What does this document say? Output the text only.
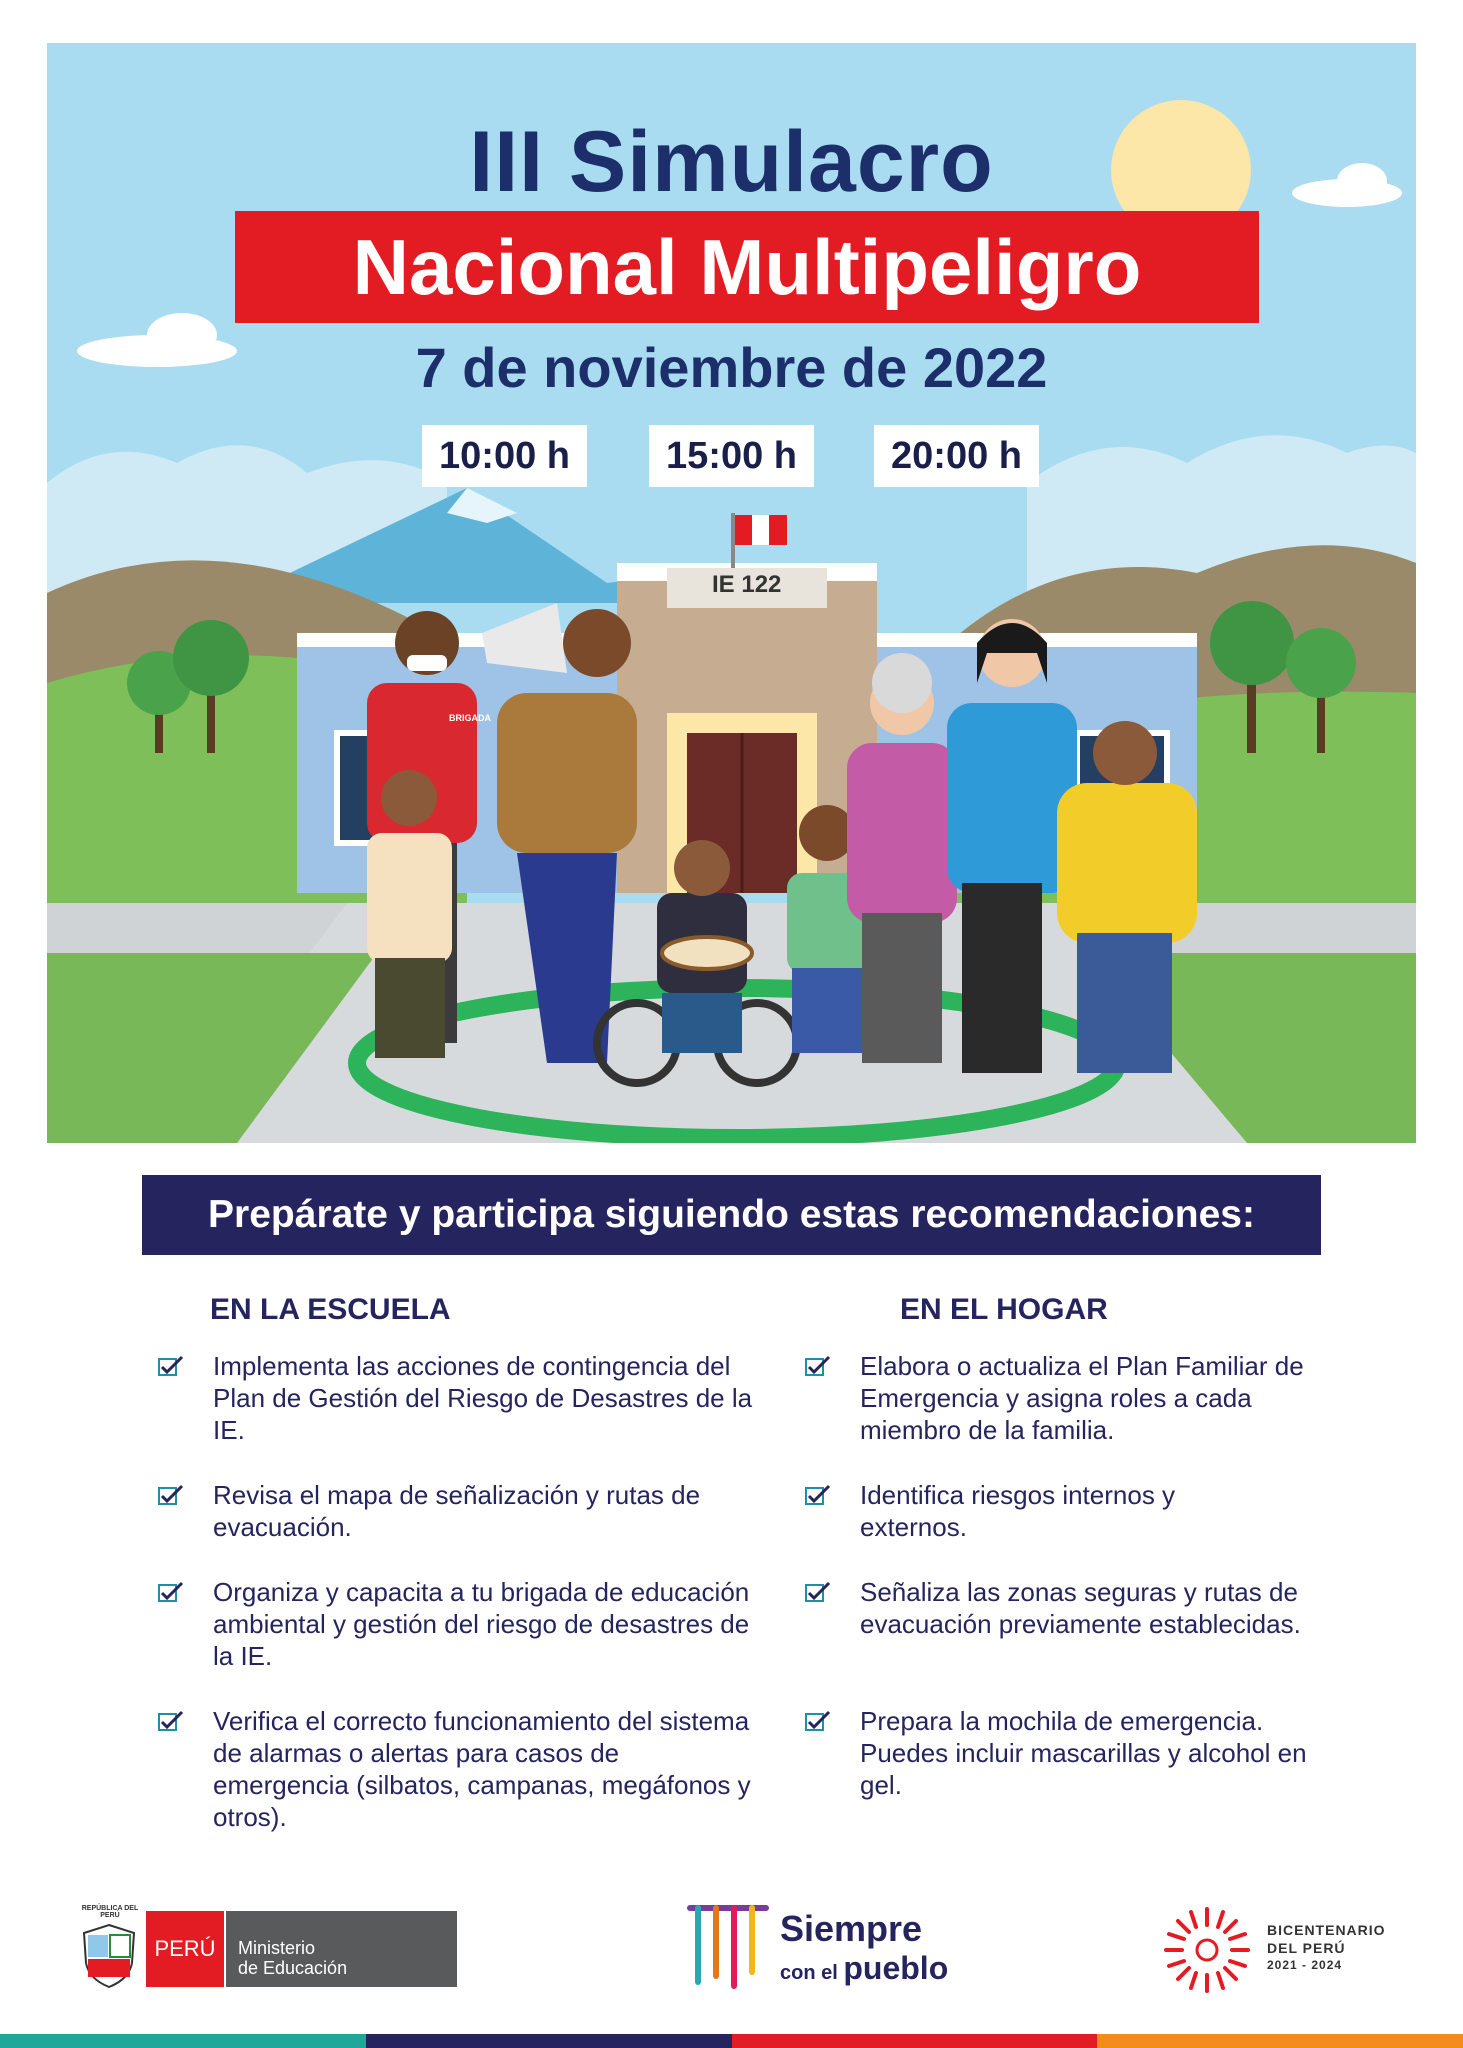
III Simulacro
Nacional Multipeligro
7 de noviembre de 2022
10:00 h	15:00 h	20:00 h
IE 122
BRIGADA
Prepárate y participa siguiendo estas recomendaciones:
EN LA ESCUELA
Implementa las acciones de contingencia del Plan de Gestión del Riesgo de Desastres de la IE.
Revisa el mapa de señalización y rutas de evacuación.
Organiza y capacita a tu brigada de educación ambiental y gestión del riesgo de desastres de la IE.
Verifica el correcto funcionamiento del sistema de alarmas o alertas para casos de emergencia (silbatos, campanas, megáfonos y otros).
EN EL HOGAR
Elabora o actualiza el Plan Familiar de Emergencia y asigna roles a cada miembro de la familia.
Identifica riesgos internos y externos.
Señaliza las zonas seguras y rutas de evacuación previamente establecidas.
Prepara la mochila de emergencia. Puedes incluir mascarillas y alcohol en gel.
REPÚBLICA DEL PERÚ
PERÚ	Ministerio
de Educación
Siempre
con el pueblo
BICENTENARIO
DEL PERÚ
2021 - 2024
